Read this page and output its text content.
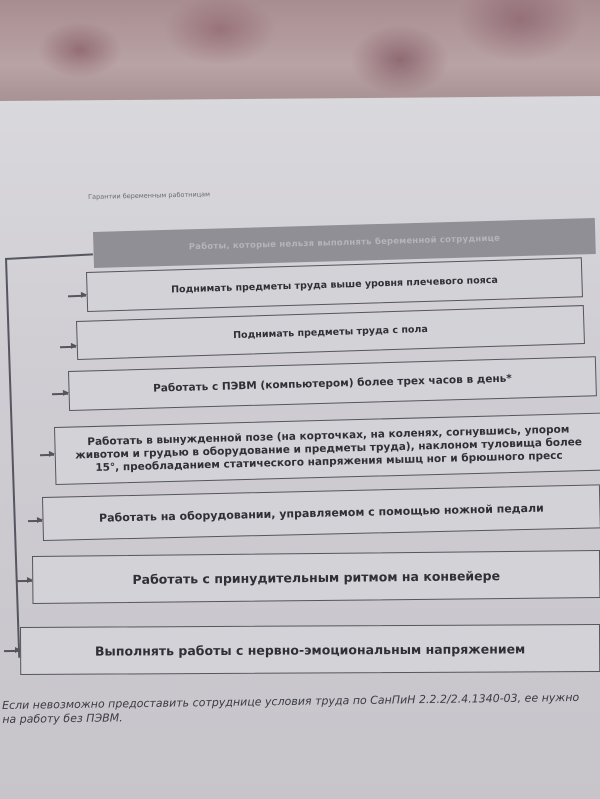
Гарантии беременным работницам
Работы, которые нельзя выполнять беременной сотруднице
Поднимать предметы труда выше уровня плечевого пояса
Поднимать предметы труда с пола
Работать с ПЭВМ (компьютером) более трех часов в день*
Работать в вынужденной позе (на корточках, на коленях, согнувшись, упором животом и грудью в оборудование и предметы труда), наклоном туловища более 15°, преобладанием статического напряжения мышц ног и брюшного пресс
Работать на оборудовании, управляемом с помощью ножной педали
Работать с принудительным ритмом на конвейере
Выполнять работы с нервно-эмоциональным напряжением
Если невозможно предоставить сотруднице условия труда по СанПиН 2.2.2/2.4.1340-03, ее нужно
на работу без ПЭВМ.
